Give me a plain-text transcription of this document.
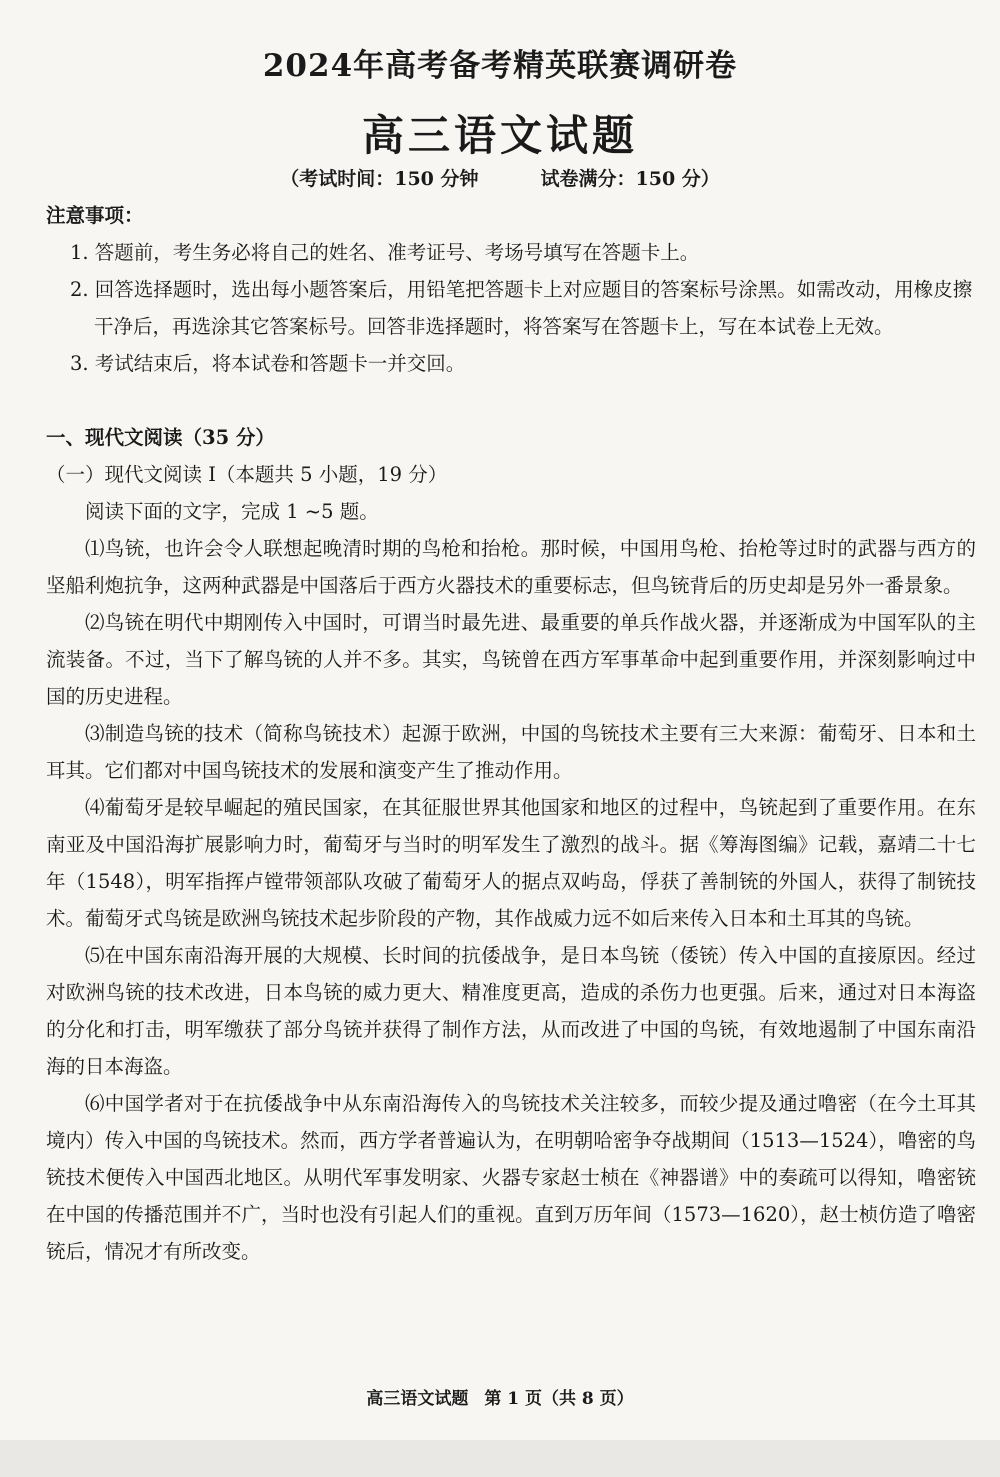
2024年高考备考精英联赛调研卷
高三语文试题
（考试时间：150 分钟	试卷满分：150 分）
注意事项：
1. 答题前，考生务必将自己的姓名、准考证号、考场号填写在答题卡上。
2. 回答选择题时，选出每小题答案后，用铅笔把答题卡上对应题目的答案标号涂黑。如需改动，用橡皮擦干净后，再选涂其它答案标号。回答非选择题时，将答案写在答题卡上，写在本试卷上无效。
3. 考试结束后，将本试卷和答题卡一并交回。
一、现代文阅读（35 分）
（一）现代文阅读 I（本题共 5 小题，19 分）
阅读下面的文字，完成 1 ~5 题。
⑴鸟铳，也许会令人联想起晚清时期的鸟枪和抬枪。那时候，中国用鸟枪、抬枪等过时的武器与西方的坚船利炮抗争，这两种武器是中国落后于西方火器技术的重要标志，但鸟铳背后的历史却是另外一番景象。
⑵鸟铳在明代中期刚传入中国时，可谓当时最先进、最重要的单兵作战火器，并逐渐成为中国军队的主流装备。不过，当下了解鸟铳的人并不多。其实，鸟铳曾在西方军事革命中起到重要作用，并深刻影响过中国的历史进程。
⑶制造鸟铳的技术（简称鸟铳技术）起源于欧洲，中国的鸟铳技术主要有三大来源：葡萄牙、日本和土耳其。它们都对中国鸟铳技术的发展和演变产生了推动作用。
⑷葡萄牙是较早崛起的殖民国家，在其征服世界其他国家和地区的过程中，鸟铳起到了重要作用。在东南亚及中国沿海扩展影响力时，葡萄牙与当时的明军发生了激烈的战斗。据《筹海图编》记载，嘉靖二十七年（1548），明军指挥卢镗带领部队攻破了葡萄牙人的据点双屿岛，俘获了善制铳的外国人，获得了制铳技术。葡萄牙式鸟铳是欧洲鸟铳技术起步阶段的产物，其作战威力远不如后来传入日本和土耳其的鸟铳。
⑸在中国东南沿海开展的大规模、长时间的抗倭战争，是日本鸟铳（倭铳）传入中国的直接原因。经过对欧洲鸟铳的技术改进，日本鸟铳的威力更大、精准度更高，造成的杀伤力也更强。后来，通过对日本海盗的分化和打击，明军缴获了部分鸟铳并获得了制作方法，从而改进了中国的鸟铳，有效地遏制了中国东南沿海的日本海盗。
⑹中国学者对于在抗倭战争中从东南沿海传入的鸟铳技术关注较多，而较少提及通过噜密（在今土耳其境内）传入中国的鸟铳技术。然而，西方学者普遍认为，在明朝哈密争夺战期间（1513—1524），噜密的鸟铳技术便传入中国西北地区。从明代军事发明家、火器专家赵士桢在《神器谱》中的奏疏可以得知，噜密铳在中国的传播范围并不广，当时也没有引起人们的重视。直到万历年间（1573—1620），赵士桢仿造了噜密铳后，情况才有所改变。
高三语文试题 第 1 页（共 8 页）
